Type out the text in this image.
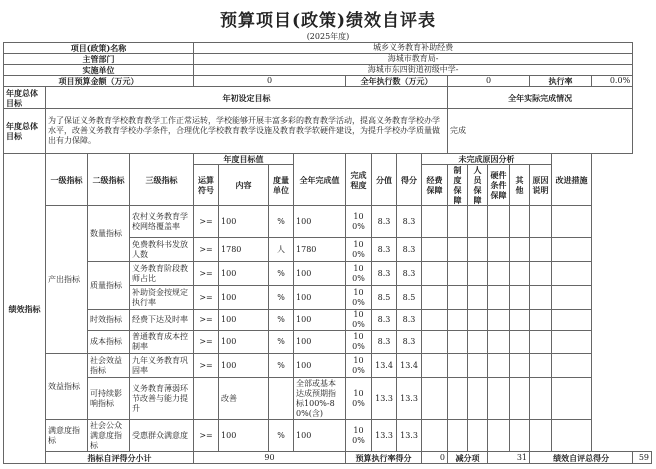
预算项目(政策)绩效自评表
(2025年度)
项目(政策)名称				城乡义务教育补助经费															
主管部门				海城市教育局-															
实施单位				海城市东四街道初级中学-															
项目预算金额（万元）				0				全年执行数（万元）				0				执行率		0.0%	
年度总体目标	年初设定目标											全年实际完成情况							
年度总体目标	为了保证义务教育学校教育教学工作正常运转，学校能够开展丰富多彩的教育教学活动，提高义务教育学校办学水平，改善义务教育学校办学条件，合理优化学校教育教学设施及教育教学软硬件建设，为提升学校办学质量做出有力保障。											完成							
绩效指标	一级指标	二级指标	三级指标	年度目标值			全年完成值	完成程度	分值	得分	未完成原因分析						改进措施		
				运算符号	内容	度量单位					经费保障	制度保障	人员保障	硬件条件保障	其他	原因说明			
	产出指标	数量指标	农村义务教育学校网络覆盖率	>=	100	%	100	100%	8.3	8.3									
			免费教科书发放人数	>=	1780	人	1780	100%	8.3	8.3									
		质量指标	义务教育阶段教师占比	>=	100	%	100	100%	8.3	8.3									
			补助资金按规定执行率	>=	100	%	100	100%	8.5	8.5									
		时效指标	经费下达及时率	>=	100	%	100	100%	8.3	8.3									
		成本指标	普通教育成本控制率	>=	100	%	100	100%	8.3	8.3									
	效益指标	社会效益指标	九年义务教育巩固率	>=	100	%	100	100%	13.4	13.4									
		可持续影响指标	义务教育薄弱环节改善与能力提升		改善		全部或基本达成预期指标100%-80%(含)	100%	13.3	13.3									
	满意度指标	社会公众满意度指标	受惠群众满意度	>=	100	%	100	100%	13.3	13.3									
	指标自评得分小计			90				预算执行率得分			0	减分项		31		绩效自评总得分			59
